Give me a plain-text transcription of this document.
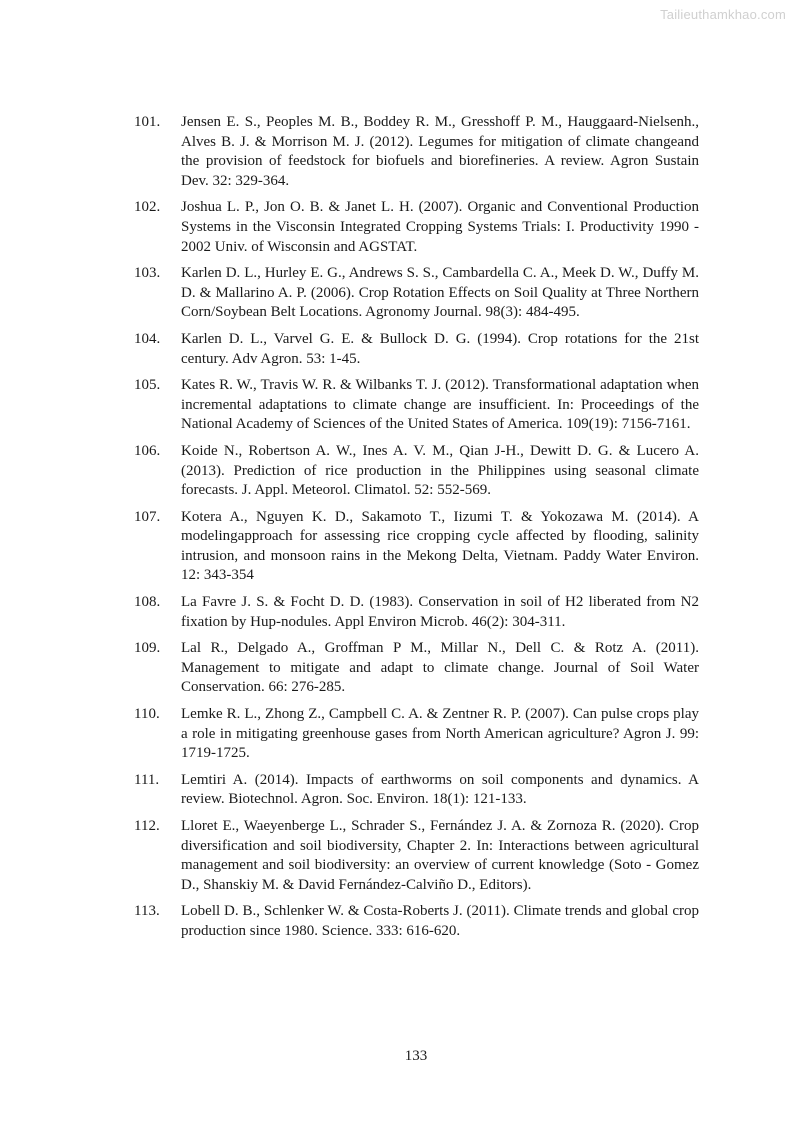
Tailieuthamkhao.com
101.	Jensen E. S., Peoples M. B., Boddey R. M., Gresshoff P. M., Hauggaard-Nielsenh., Alves B. J. & Morrison M. J. (2012). Legumes for mitigation of climate changeand the provision of feedstock for biofuels and biorefineries. A review. Agron Sustain Dev. 32: 329-364.
102.	Joshua L. P., Jon O. B. & Janet L. H. (2007). Organic and Conventional Production Systems in the Visconsin Integrated Cropping Systems Trials: I. Productivity 1990 - 2002 Univ. of Wisconsin and AGSTAT.
103.	Karlen D. L., Hurley E. G., Andrews S. S., Cambardella C. A., Meek D. W., Duffy M. D. & Mallarino A. P. (2006). Crop Rotation Effects on Soil Quality at Three Northern Corn/Soybean Belt Locations. Agronomy Journal. 98(3): 484-495.
104.	Karlen D. L., Varvel G. E. & Bullock D. G. (1994). Crop rotations for the 21st century. Adv Agron. 53: 1-45.
105.	Kates R. W., Travis W. R. & Wilbanks T. J. (2012). Transformational adaptation when incremental adaptations to climate change are insufficient. In: Proceedings of the National Academy of Sciences of the United States of America. 109(19): 7156-7161.
106.	Koide N., Robertson A. W., Ines A. V. M., Qian J-H., Dewitt D. G. & Lucero A. (2013). Prediction of rice production in the Philippines using seasonal climate forecasts. J. Appl. Meteorol. Climatol. 52: 552-569.
107.	Kotera A., Nguyen K. D., Sakamoto T., Iizumi T. & Yokozawa M. (2014). A modelingapproach for assessing rice cropping cycle affected by flooding, salinity intrusion, and monsoon rains in the Mekong Delta, Vietnam. Paddy Water Environ. 12: 343-354
108.	La Favre J. S. & Focht D. D. (1983). Conservation in soil of H2 liberated from N2 fixation by Hup-nodules. Appl Environ Microb. 46(2): 304-311.
109.	Lal R., Delgado A., Groffman P M., Millar N., Dell C. & Rotz A. (2011). Management to mitigate and adapt to climate change. Journal of Soil Water Conservation. 66: 276-285.
110.	Lemke R. L., Zhong Z., Campbell C. A. & Zentner R. P. (2007). Can pulse crops play a role in mitigating greenhouse gases from North American agriculture? Agron J. 99: 1719-1725.
111.	Lemtiri A. (2014). Impacts of earthworms on soil components and dynamics. A review. Biotechnol. Agron. Soc. Environ. 18(1): 121-133.
112.	Lloret E., Waeyenberge L., Schrader S., Fernández J. A. & Zornoza R. (2020). Crop diversification and soil biodiversity, Chapter 2. In: Interactions between agricultural management and soil biodiversity: an overview of current knowledge (Soto - Gomez D., Shanskiy M. & David Fernández-Calviño D., Editors).
113.	Lobell D. B., Schlenker W. & Costa-Roberts J. (2011). Climate trends and global crop production since 1980. Science. 333: 616-620.
133
